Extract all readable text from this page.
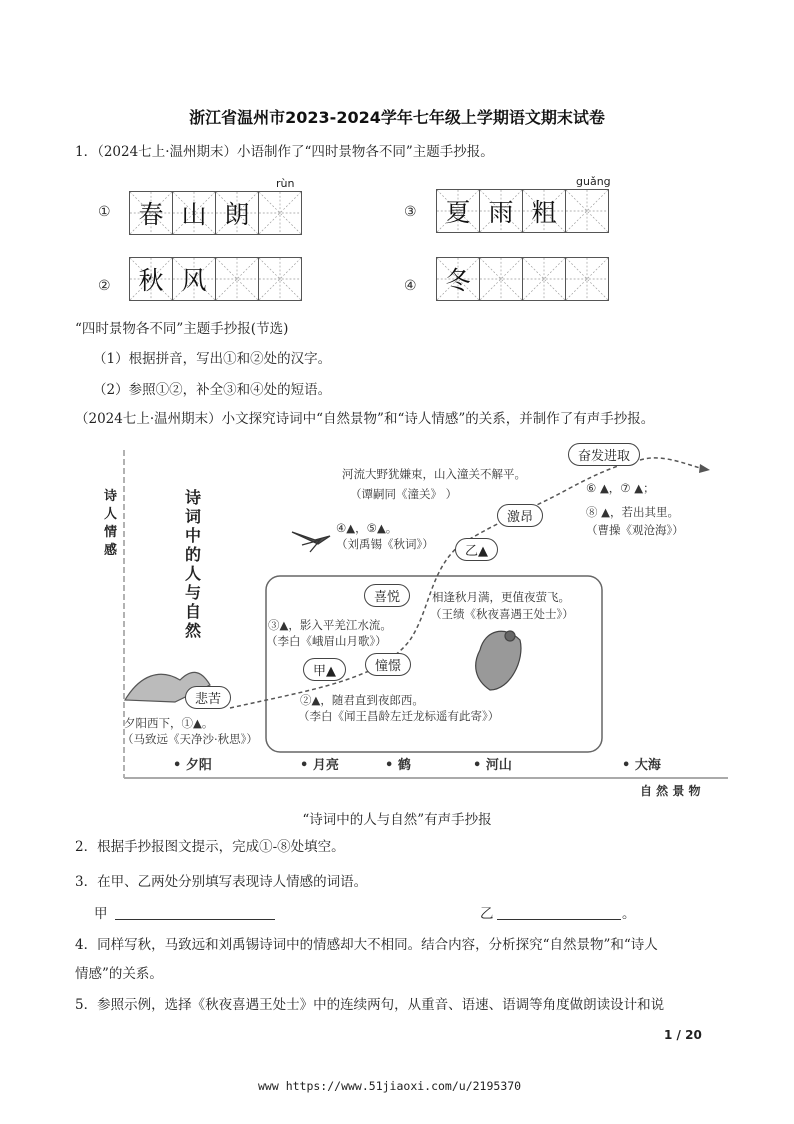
浙江省温州市2023-2024学年七年级上学期语文期末试卷
1．（2024七上·温州期末）小语制作了“四时景物各不同”主题手抄报。
①
rùn
春 山 朗	③
guǎng
夏 雨 粗
② 秋 风	④ 冬
“四时景物各不同”主题手抄报(节选)
（1）根据拼音，写出①和②处的汉字。
（2）参照①②，补全③和④处的短语。
（2024七上·温州期末）小文探究诗词中“自然景物”和“诗人情感”的关系，并制作了有声手抄报。
诗
人
情
感
诗
词
中
的
人
与
自
然
奋发进取
激昂
乙▲
喜悦
憧憬
甲▲
悲苦
河流大野犹嫌束，山入潼关不解平。
（谭嗣同《潼关》 ）	⑥ ▲，⑦ ▲；
⑧ ▲，若出其里。
（曹操《观沧海》）
④▲，⑤▲。
（刘禹锡《秋词》）
相逢秋月满，更值夜萤飞。
（王绩《秋夜喜遇王处士》）
③▲，影入平羌江水流。
（李白《峨眉山月歌》）
②▲，随君直到夜郎西。
（李白《闻王昌龄左迁龙标遥有此寄》）
夕阳西下，①▲。
（马致远《天净沙·秋思》）
• 夕阳	• 月亮	• 鹤	• 河山	• 大海
自 然 景 物
“诗词中的人与自然”有声手抄报
2．根据手抄报图文提示，完成①-⑧处填空。
3．在甲、乙两处分别填写表现诗人情感的词语。
甲	乙	。
4．同样写秋，马致远和刘禹锡诗词中的情感却大不相同。结合内容，分析探究“自然景物”和“诗人
情感”的关系。
5．参照示例，选择《秋夜喜遇王处士》中的连续两句，从重音、语速、语调等角度做朗读设计和说
1 / 20
www https://www.51jiaoxi.com/u/2195370
